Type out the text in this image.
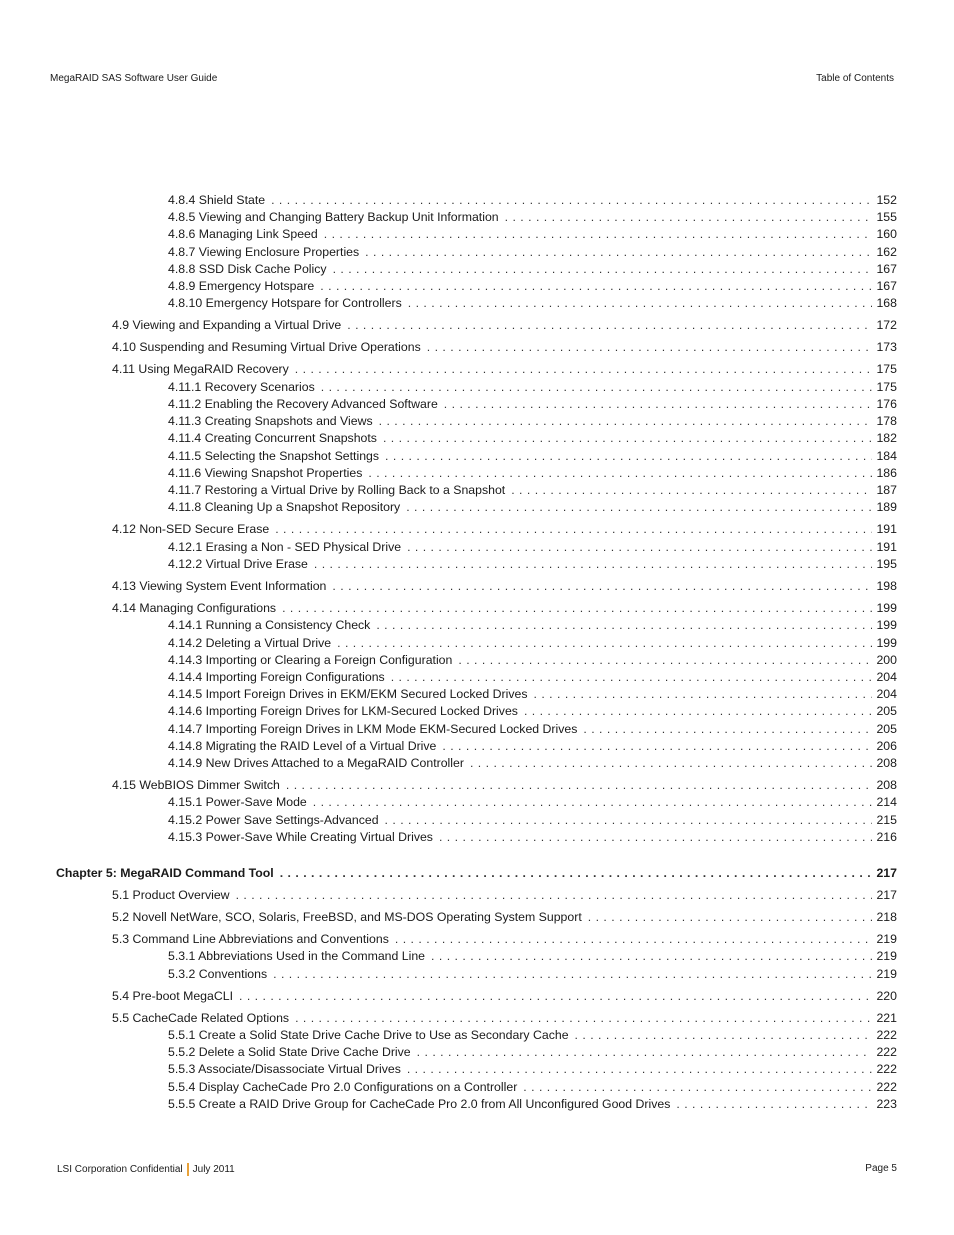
MegaRAID SAS Software User Guide	Table of Contents
4.8.4 Shield State . . .	152
4.8.5 Viewing and Changing Battery Backup Unit Information . . .	155
4.8.6 Managing Link Speed . . .	160
4.8.7 Viewing Enclosure Properties . . .	162
4.8.8 SSD Disk Cache Policy . . .	167
4.8.9 Emergency Hotspare . . .	167
4.8.10 Emergency Hotspare for Controllers . . .	168
4.9 Viewing and Expanding a Virtual Drive . . .	172
4.10 Suspending and Resuming Virtual Drive Operations . . .	173
4.11 Using MegaRAID Recovery . . .	175
4.11.1 Recovery Scenarios . . .	175
4.11.2 Enabling the Recovery Advanced Software . . .	176
4.11.3 Creating Snapshots and Views . . .	178
4.11.4 Creating Concurrent Snapshots . . .	182
4.11.5 Selecting the Snapshot Settings . . .	184
4.11.6 Viewing Snapshot Properties . . .	186
4.11.7 Restoring a Virtual Drive by Rolling Back to a Snapshot . . .	187
4.11.8 Cleaning Up a Snapshot Repository . . .	189
4.12 Non-SED Secure Erase . . .	191
4.12.1 Erasing a Non - SED Physical Drive . . .	191
4.12.2 Virtual Drive Erase . . .	195
4.13 Viewing System Event Information . . .	198
4.14 Managing Configurations . . .	199
4.14.1 Running a Consistency Check . . .	199
4.14.2 Deleting a Virtual Drive . . .	199
4.14.3 Importing or Clearing a Foreign Configuration . . .	200
4.14.4 Importing Foreign Configurations . . .	204
4.14.5 Import Foreign Drives in EKM/EKM Secured Locked Drives . . .	204
4.14.6 Importing Foreign Drives for LKM-Secured Locked Drives . . .	205
4.14.7 Importing Foreign Drives in LKM Mode EKM-Secured Locked Drives . . .	205
4.14.8 Migrating the RAID Level of a Virtual Drive . . .	206
4.14.9 New Drives Attached to a MegaRAID Controller . . .	208
4.15 WebBIOS Dimmer Switch . . .	208
4.15.1 Power-Save Mode . . .	214
4.15.2 Power Save Settings-Advanced . . .	215
4.15.3 Power-Save While Creating Virtual Drives . . .	216
Chapter 5: MegaRAID Command Tool . . .	217
5.1 Product Overview . . .	217
5.2 Novell NetWare, SCO, Solaris, FreeBSD, and MS-DOS Operating System Support . . .	218
5.3 Command Line Abbreviations and Conventions . . .	219
5.3.1 Abbreviations Used in the Command Line . . .	219
5.3.2 Conventions . . .	219
5.4 Pre-boot MegaCLI . . .	220
5.5 CacheCade Related Options . . .	221
5.5.1 Create a Solid State Drive Cache Drive to Use as Secondary Cache . . .	222
5.5.2 Delete a Solid State Drive Cache Drive . . .	222
5.5.3 Associate/Disassociate Virtual Drives . . .	222
5.5.4 Display CacheCade Pro 2.0 Configurations on a Controller . . .	222
5.5.5 Create a RAID Drive Group for CacheCade Pro 2.0 from All Unconfigured Good Drives . . .	223
LSI Corporation Confidential July 2011	Page 5
